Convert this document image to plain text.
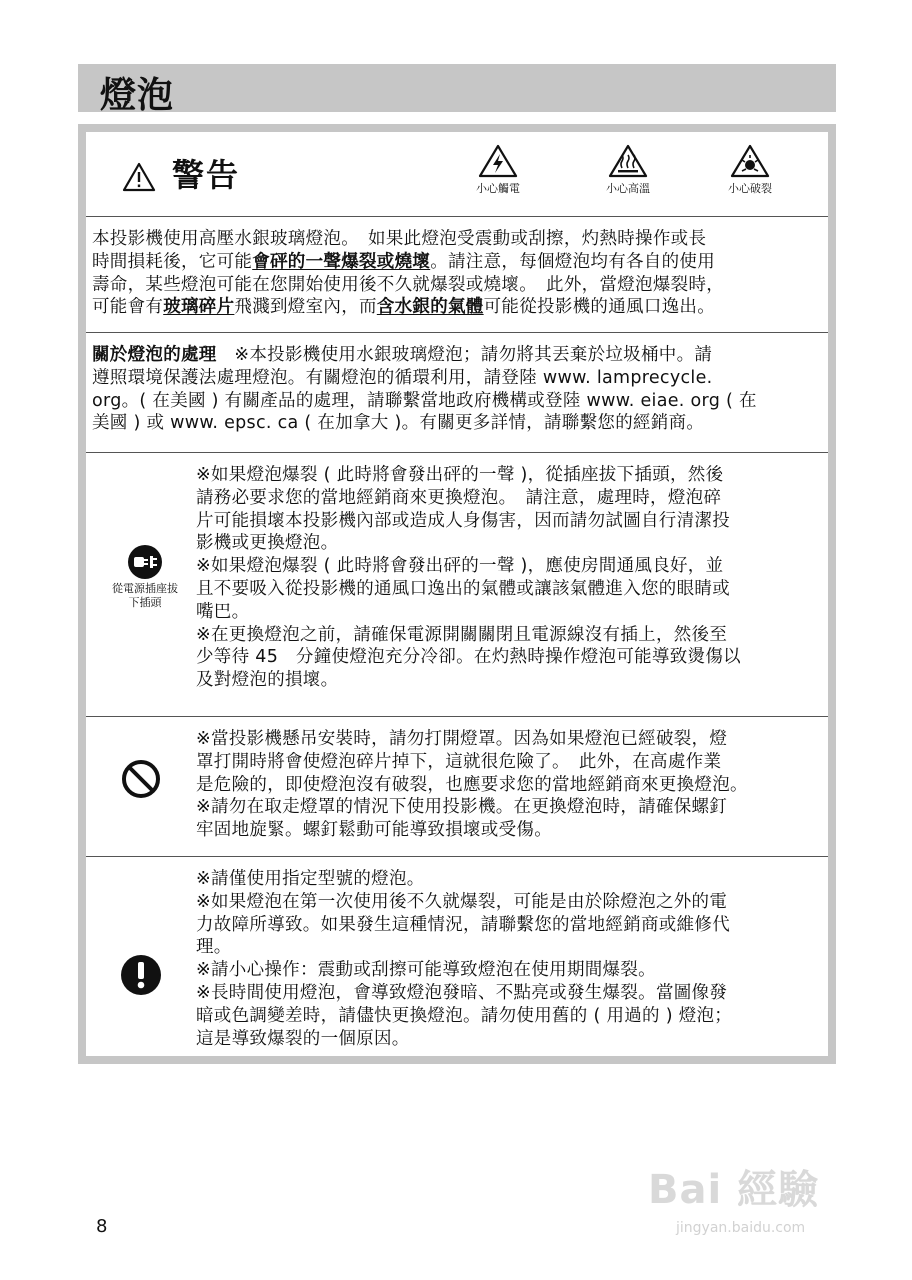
燈泡
警告	小心觸電	小心高溫	小心破裂
本投影機使用高壓水銀玻璃燈泡。　如果此燈泡受震動或刮擦，灼熱時操作或長
時間損耗後，它可能會砰的一聲爆裂或燒壞。請注意，每個燈泡均有各自的使用
壽命，某些燈泡可能在您開始使用後不久就爆裂或燒壞。　此外，當燈泡爆裂時，
可能會有玻璃碎片飛濺到燈室內，而含水銀的氣體可能從投影機的通風口逸出。
關於燈泡的處理　※本投影機使用水銀玻璃燈泡；請勿將其丟棄於垃圾桶中。請
遵照環境保護法處理燈泡。有關燈泡的循環利用，請登陸 www. lamprecycle.
org。( 在美國 ) 有關產品的處理，請聯繫當地政府機構或登陸 www. eiae. org ( 在
美國 ) 或 www. epsc. ca ( 在加拿大 )。有關更多詳情，請聯繫您的經銷商。
從電源插座拔
下插頭

※如果燈泡爆裂 ( 此時將會發出砰的一聲 )，從插座拔下插頭，然後

請務必要求您的當地經銷商來更換燈泡。　請注意，處理時，燈泡碎

片可能損壞本投影機內部或造成人身傷害，因而請勿試圖自行清潔投

影機或更換燈泡。

※如果燈泡爆裂 ( 此時將會發出砰的一聲 )，應使房間通風良好，並

且不要吸入從投影機的通風口逸出的氣體或讓該氣體進入您的眼睛或

嘴巴。

※在更換燈泡之前，請確保電源開關關閉且電源線沒有插上，然後至

少等待 45　分鐘使燈泡充分冷卻。在灼熱時操作燈泡可能導致燙傷以

及對燈泡的損壞。

※當投影機懸吊安裝時，請勿打開燈罩。因為如果燈泡已經破裂，燈

罩打開時將會使燈泡碎片掉下，這就很危險了。　此外，在高處作業

是危險的，即使燈泡沒有破裂，也應要求您的當地經銷商來更換燈泡。

※請勿在取走燈罩的情況下使用投影機。在更換燈泡時，請確保螺釘

牢固地旋緊。螺釘鬆動可能導致損壞或受傷。

※請僅使用指定型號的燈泡。

※如果燈泡在第一次使用後不久就爆裂，可能是由於除燈泡之外的電

力故障所導致。如果發生這種情況，請聯繫您的當地經銷商或維修代

理。

※請小心操作：震動或刮擦可能導致燈泡在使用期間爆裂。

※長時間使用燈泡，會導致燈泡發暗、不點亮或發生爆裂。當圖像發

暗或色調變差時，請儘快更換燈泡。請勿使用舊的 ( 用過的 ) 燈泡；

這是導致爆裂的一個原因。

8
Bai 經驗
jingyan.baidu.com
